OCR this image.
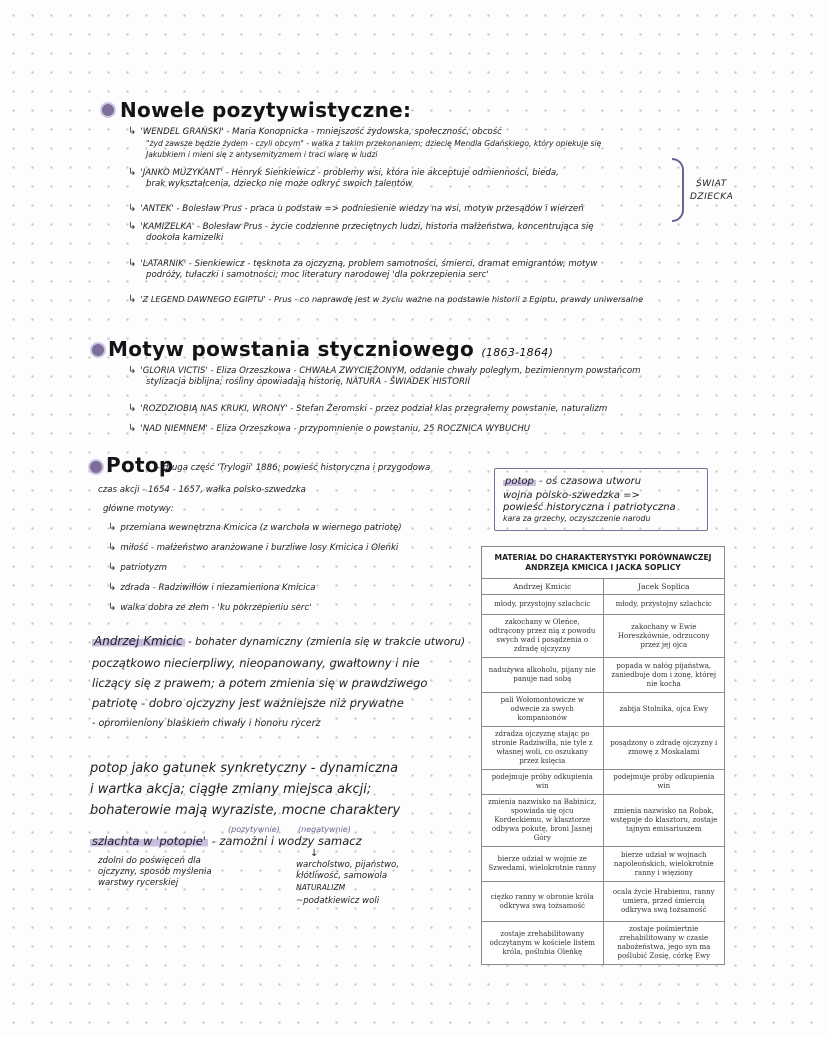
Nowele pozytywistyczne:
↳ 'WENDEL GRAŃSKI' - Maria Konopnicka - mniejszość żydowska, społeczność, obcość
"żyd zawsze będzie żydem - czyli obcym" - walka z takim przekonaniem; dziecię Mendla Gdańskiego, który opiekuje się
Jakubkiem i mieni się z antysemityzmem i traci wiarę w ludzi
↳ 'JANKO MUZYKANT' - Henryk Sienkiewicz - problemy wsi, która nie akceptuje odmienności, bieda,
brak wykształcenia, dziecko nie może odkryć swoich talentów
↳ 'ANTEK' - Bolesław Prus - praca u podstaw => podniesienie wiedzy na wsi, motyw przesądów i wierzeń
↳ 'KAMIZELKA' - Bolesław Prus - życie codzienne przeciętnych ludzi, historia małżeństwa, koncentrująca się
dookoła kamizelki
↳ 'LATARNIK' - Sienkiewicz - tęsknota za ojczyzną, problem samotności, śmierci, dramat emigrantów, motyw
podróży, tułaczki i samotności; moc literatury narodowej 'dla pokrzepienia serc'
↳ 'Z LEGEND DAWNEGO EGIPTU' - Prus - co naprawdę jest w życiu ważne na podstawie historii z Egiptu, prawdy uniwersalne
ŚWIAT
DZIECKA
Motyw powstania styczniowego (1863-1864)
↳ 'GLORIA VICTIS' - Eliza Orzeszkowa - CHWAŁA ZWYCIĘŻONYM, oddanie chwały poległym, bezimiennym powstańcom
stylizacja biblijna; rośliny opowiadają historię, NATURA - ŚWIADEK HISTORII
↳ 'ROZDZIOBIĄ NAS KRUKI, WRONY' - Stefan Żeromski - przez podział klas przegrałemy powstanie, naturalizm
↳ 'NAD NIEMNEM' - Eliza Orzeszkowa - przypomnienie o powstaniu, 25 ROCZNICA WYBUCHU
Potop
- druga część 'Trylogii' 1886; powieść historyczna i przygodowa
czas akcji - 1654 - 1657, wałka polsko-szwedzka
główne motywy:
↳ przemiana wewnętrzna Kmicica (z warchoła w wiernego patriotę)
↳ miłość - małżeństwo aranżowane i burzliwe losy Kmicica i Oleńki
↳ patriotyzm
↳ zdrada - Radziwiłłów i niezamieniona Kmicica
↳ walka dobra ze złem - 'ku pokrzepieniu serc'
potop - oś czasowa utworu
wojna polsko-szwedzka =>
powieść historyczna i patriotyczna
kara za grzechy, oczyszczenie narodu
Andrzej Kmicic - bohater dynamiczny (zmienia się w trakcie utworu)
początkowo niecierpliwy, nieopanowany, gwałtowny i nie
liczący się z prawem; a potem zmienia się w prawdziwego
patriotę - dobro ojczyzny jest ważniejsze niż prywatne
- opromieniony blaskiem chwały i honoru rycerz
potop jako gatunek synkretyczny - dynamiczna
i wartka akcja; ciągłe zmiany miejsca akcji;
bohaterowie mają wyraziste, mocne charaktery
(pozytywnie) (negatywnie)
szlachta w 'potopie' - zamożni i wodzy samacz
zdolni do poświęceń dla
ojczyzny, sposób myślenia
warstwy rycerskiej
↓
warcholstwo, pijaństwo,
kłótliwość, samowola
NATURALIZM
~podatkiewicz woli
MATERIAŁ DO CHARAKTERYSTYKI PORÓWNAWCZEJ
ANDRZEJA KMICICA I JACKA SOPLICY
Andrzej Kmicic	Jacek Soplica
młody, przystojny szlachcic	młody, przystojny szlachcic
zakochany w Oleńce, odtrącony przez nią z powodu swych wad i posądzenia o zdradę ojczyzny	zakochany w Ewie Horeszkównie, odrzucony przez jej ojca
nadużywa alkoholu, pijany nie panuje nad sobą	popada w nałóg pijaństwa, zaniedbuje dom i żonę, której nie kocha
pali Wołomontowicze w odwecie za swych kompanionów	zabija Stolnika, ojca Ewy
zdradza ojczyznę stając po stronie Radziwiłła, nie tyle z własnej woli, co oszukany przez księcia	posądzony o zdradę ojczyzny i zmowę z Moskalami
podejmuje próby odkupienia win	podejmuje próby odkupienia win
zmienia nazwisko na Babinicz, spowiada się ojcu Kordeckiemu, w klasztorze odbywa pokutę, broni Jasnej Góry	zmienia nazwisko na Robak, wstępuje do klasztoru, zostaje tajnym emisariuszem
bierze udział w wojnie ze Szwedami, wielokrotnie ranny	bierze udział w wojnach napoleońskich, wielokrotnie ranny i więziony
ciężko ranny w obronie króla odkrywa swą tożsamość	ocala życie Hrabiemu, ranny umiera, przed śmiercią odkrywa swą tożsamość
zostaje zrehabilitowany odczytanym w kościele listem króla, poślubia Oleńkę	zostaje pośmiertnie zrehabilitowany w czasie nabożeństwa, jego syn ma poślubić Zosię, córkę Ewy
